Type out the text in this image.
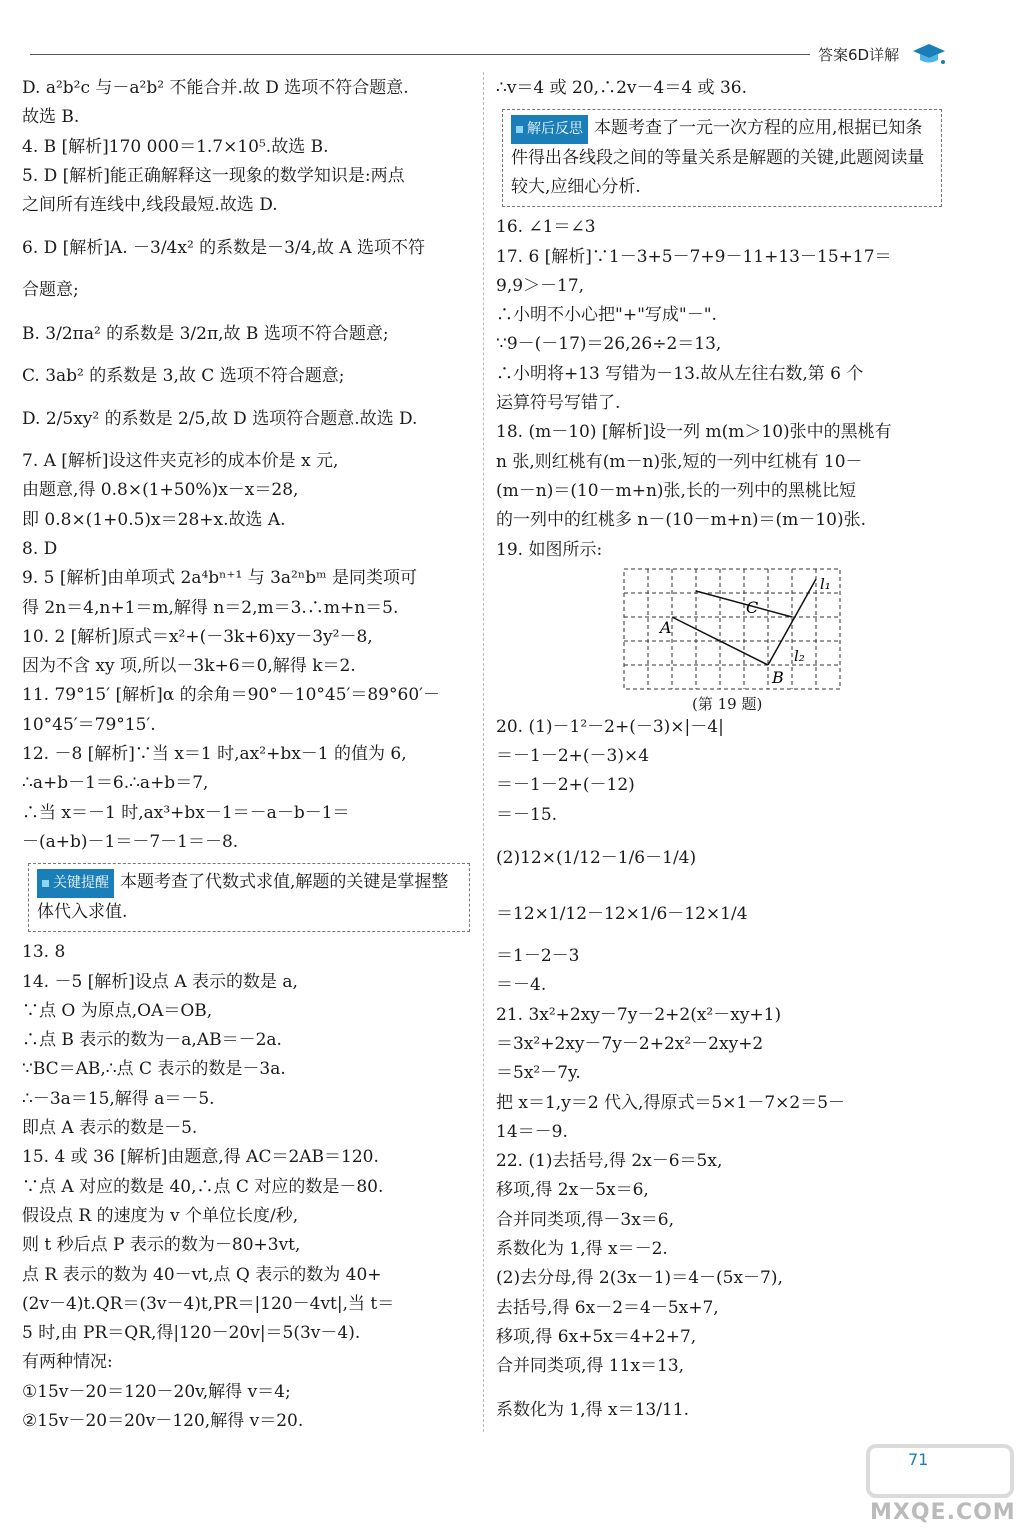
答案6D详解
D. a²b²c 与－a²b² 不能合并.故 D 选项不符合题意.
故选 B.
4. B [解析]170 000＝1.7×10⁵.故选 B.
5. D [解析]能正确解释这一现象的数学知识是:两点
之间所有连线中,线段最短.故选 D.
6. D [解析]A. －3/4x² 的系数是－3/4,故 A 选项不符
合题意;
B. 3/2πa² 的系数是 3/2π,故 B 选项不符合题意;
C. 3ab² 的系数是 3,故 C 选项不符合题意;
D. 2/5xy² 的系数是 2/5,故 D 选项符合题意.故选 D.
7. A [解析]设这件夹克衫的成本价是 x 元,
由题意,得 0.8×(1+50%)x－x＝28,
即 0.8×(1+0.5)x＝28+x.故选 A.
8. D
9. 5 [解析]由单项式 2a⁴bⁿ⁺¹ 与 3a²ⁿbᵐ 是同类项可
得 2n＝4,n+1＝m,解得 n＝2,m＝3.∴m+n＝5.
10. 2 [解析]原式＝x²+(－3k+6)xy－3y²－8,
因为不含 xy 项,所以－3k+6＝0,解得 k＝2.
11. 79°15′ [解析]α 的余角＝90°－10°45′＝89°60′－
10°45′＝79°15′.
12. －8 [解析]∵当 x＝1 时,ax²+bx－1 的值为 6,
∴a+b－1＝6.∴a+b＝7,
∴当 x＝－1 时,ax³+bx－1＝－a－b－1＝
－(a+b)－1＝－7－1＝－8.
关键提醒 本题考查了代数式求值,解题的关键是掌握整体代入求值.
13. 8
14. －5 [解析]设点 A 表示的数是 a,
∵点 O 为原点,OA＝OB,
∴点 B 表示的数为－a,AB＝－2a.
∵BC＝AB,∴点 C 表示的数是－3a.
∴－3a＝15,解得 a＝－5.
即点 A 表示的数是－5.
15. 4 或 36 [解析]由题意,得 AC＝2AB＝120.
∵点 A 对应的数是 40,∴点 C 对应的数是－80.
假设点 R 的速度为 v 个单位长度/秒,
则 t 秒后点 P 表示的数为－80+3vt,
点 R 表示的数为 40－vt,点 Q 表示的数为 40+
(2v－4)t.QR＝(3v－4)t,PR＝|120－4vt|,当 t＝
5 时,由 PR＝QR,得|120－20v|＝5(3v－4).
有两种情况:
①15v－20＝120－20v,解得 v＝4;
②15v－20＝20v－120,解得 v＝20.
∴v＝4 或 20,∴2v－4＝4 或 36.
解后反思 本题考查了一元一次方程的应用,根据已知条件得出各线段之间的等量关系是解题的关键,此题阅读量较大,应细心分析.
16. ∠1＝∠3
17. 6 [解析]∵1－3+5－7+9－11+13－15+17＝
9,9＞－17,
∴小明不小心把"+"写成"－".
∵9－(－17)＝26,26÷2＝13,
∴小明将+13 写错为－13.故从左往右数,第 6 个
运算符号写错了.
18. (m－10) [解析]设一列 m(m＞10)张中的黑桃有
n 张,则红桃有(m－n)张,短的一列中红桃有 10－
(m－n)＝(10－m+n)张,长的一列中的黑桃比短
的一列中的红桃多 n－(10－m+n)＝(m－10)张.
19. 如图所示:
A
B
C
l₁
l₂
(第 19 题)
20. (1)－1²－2+(－3)×|－4|
＝－1－2+(－3)×4
＝－1－2+(－12)
＝－15.
(2)12×(1/12－1/6－1/4)
＝12×1/12－12×1/6－12×1/4
＝1－2－3
＝－4.
21. 3x²+2xy－7y－2+2(x²－xy+1)
＝3x²+2xy－7y－2+2x²－2xy+2
＝5x²－7y.
把 x＝1,y＝2 代入,得原式＝5×1－7×2＝5－
14＝－9.
22. (1)去括号,得 2x－6＝5x,
移项,得 2x－5x＝6,
合并同类项,得－3x＝6,
系数化为 1,得 x＝－2.
(2)去分母,得 2(3x－1)＝4－(5x－7),
去括号,得 6x－2＝4－5x+7,
移项,得 6x+5x＝4+2+7,
合并同类项,得 11x＝13,
系数化为 1,得 x＝13/11.
71
MXQE.COM
